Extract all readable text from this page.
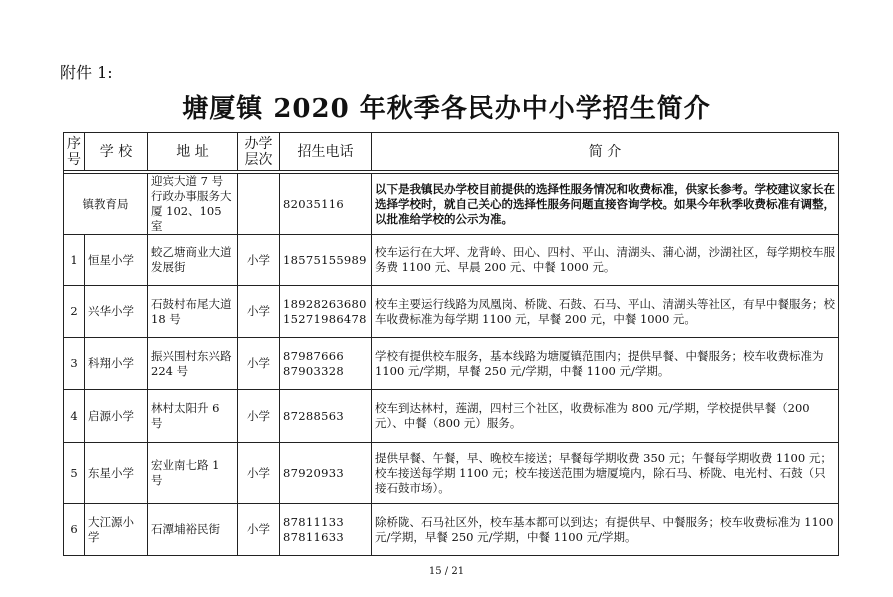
附件 1:
塘厦镇 2020 年秋季各民办中小学招生简介
序号	学 校	地 址	办学层次	招生电话	简 介

镇教育局		迎宾大道 7 号行政办事服务大厦 102、105 室		82035116	以下是我镇民办学校目前提供的选择性服务情况和收费标准，供家长参考。学校建议家长在选择学校时，就自己关心的选择性服务问题直接咨询学校。如果今年秋季收费标准有调整，以批准给学校的公示为准。
1	恒星小学	蛟乙塘商业大道发展街	小学	18575155989	校车运行在大坪、龙背岭、田心、四村、平山、清湖头、蒲心湖，沙湖社区，每学期校车服务费 1100 元、早晨 200 元、中餐 1000 元。
2	兴华小学	石鼓村布尾大道 18 号	小学	18928263680
15271986478	校车主要运行线路为凤凰岗、桥陇、石鼓、石马、平山、清湖头等社区，有早中餐服务；校车收费标准为每学期 1100 元，早餐 200 元，中餐 1000 元。
3	科翔小学	振兴围村东兴路 224 号	小学	87987666
87903328	学校有提供校车服务，基本线路为塘厦镇范围内；提供早餐、中餐服务；校车收费标准为 1100 元/学期，早餐 250 元/学期，中餐 1100 元/学期。
4	启源小学	林村太阳升 6 号	小学	87288563	校车到达林村，莲湖，四村三个社区，收费标准为 800 元/学期，学校提供早餐（200 元）、中餐（800 元）服务。
5	东星小学	宏业南七路 1 号	小学	87920933	提供早餐、午餐，早、晚校车接送；早餐每学期收费 350 元；午餐每学期收费 1100 元；校车接送每学期 1100 元；校车接送范围为塘厦境内，除石马、桥陇、电光村、石鼓（只接石鼓市场）。
6	大江源小学	石潭埔裕民街	小学	87811133
87811633	除桥陇、石马社区外，校车基本都可以到达；有提供早、中餐服务；校车收费标准为 1100 元/学期，早餐 250 元/学期，中餐 1100 元/学期。
15 / 21
